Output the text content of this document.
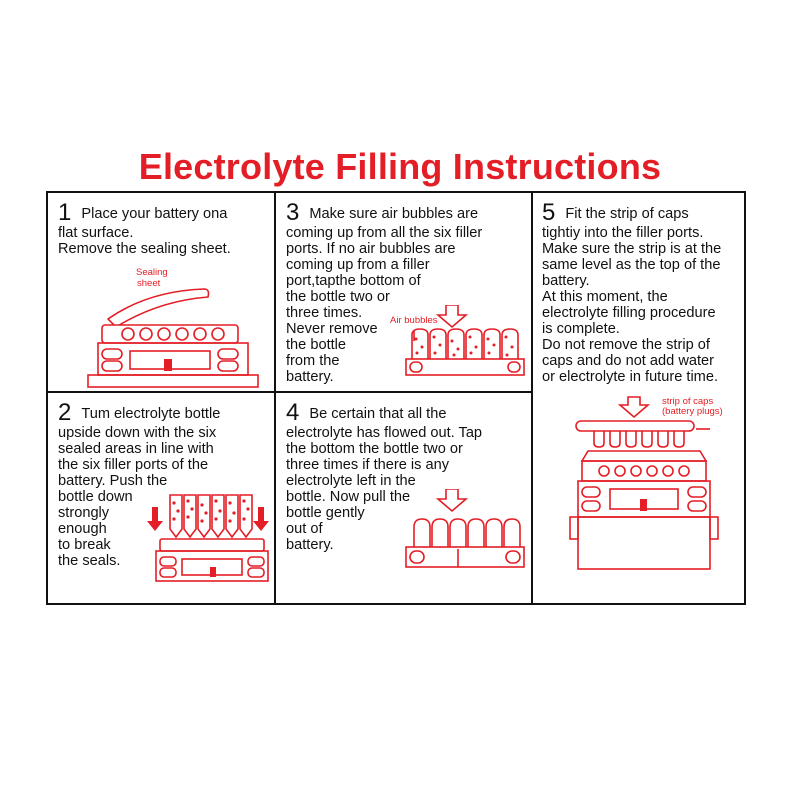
Electrolyte Filling Instructions

1 Place your battery ona

flat surface.

Remove the sealing sheet.

Sealing
sheet

2 Tum electrolyte bottle

upside down with the six

sealed areas in line with

the six filler ports of the

battery. Push the

bottle down

strongly

enough

to break

the seals.

3 Make sure air bubbles are

coming up from all the six filler

ports. If no air bubbles are

coming up from a filler

port,tapthe bottom of

the bottle two or

three times.

Never remove

the bottle

from the

battery.

Air bubbles

4 Be certain that all the

electrolyte has flowed out. Tap

the bottom the bottle two or

three times if there is any

electrolyte left in the

bottle. Now pull the

bottle gently

out of

battery.

5 Fit the strip of caps

tightiy into the filler ports.

Make sure the strip is at the

same level as the top of the

battery.

At this moment, the

electrolyte filling procedure

is complete.

Do not remove the strip of

caps and do not add water

or electrolyte in future time.

strip of caps
(battery plugs)
